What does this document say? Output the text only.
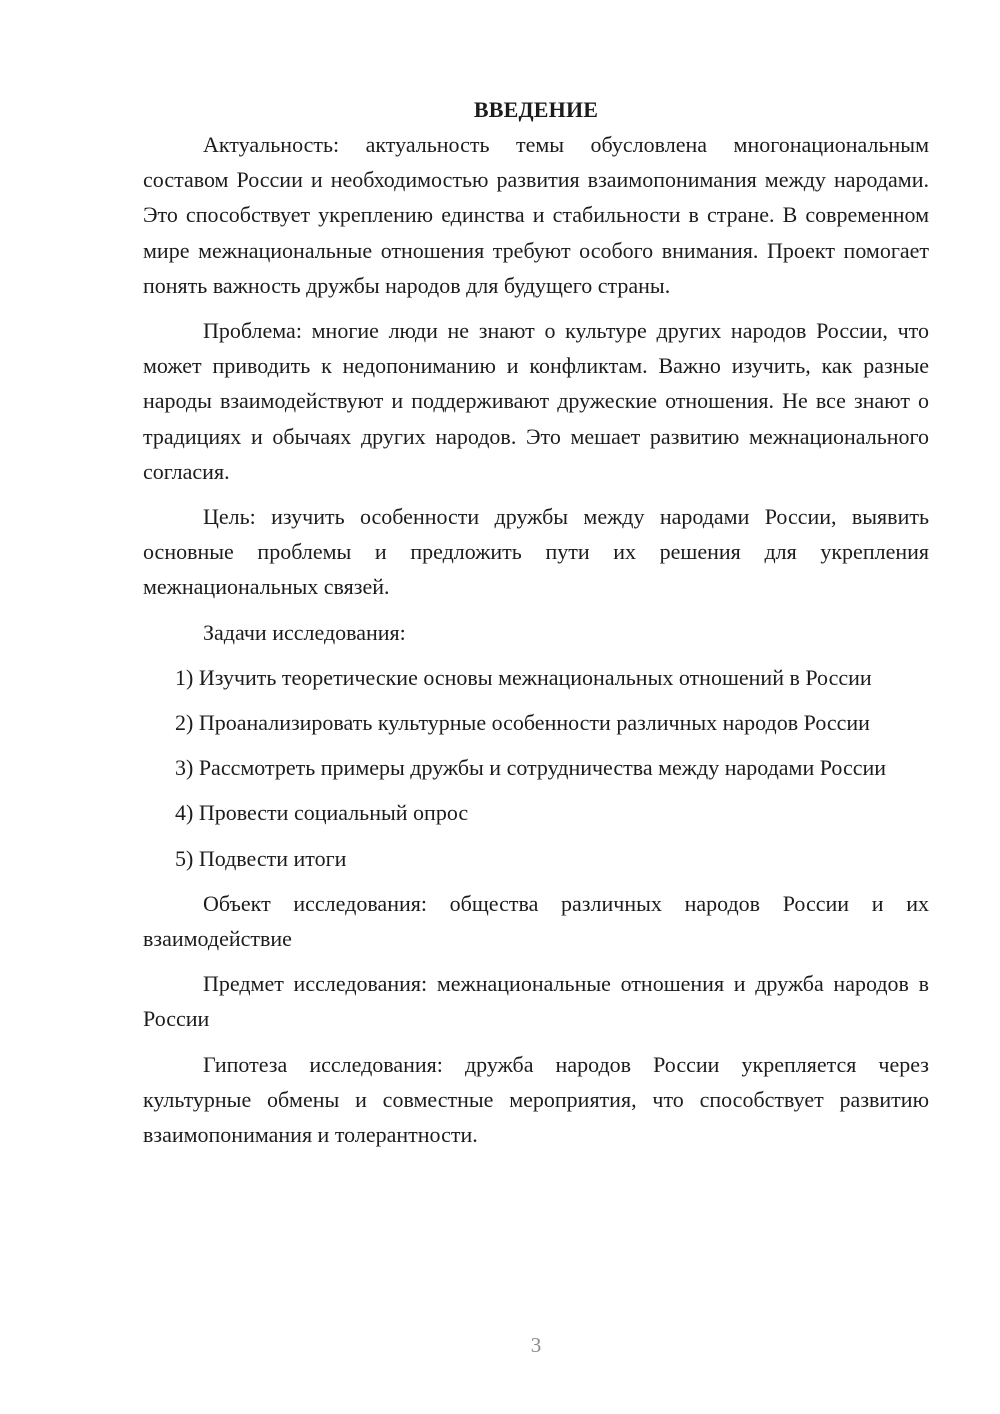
ВВЕДЕНИЕ

Актуальность: актуальность темы обусловлена многонациональным составом России и необходимостью развития взаимопонимания между народами. Это способствует укреплению единства и стабильности в стране. В современном мире межнациональные отношения требуют особого внимания. Проект помогает понять важность дружбы народов для будущего страны.

Проблема: многие люди не знают о культуре других народов России, что может приводить к недопониманию и конфликтам. Важно изучить, как разные народы взаимодействуют и поддерживают дружеские отношения. Не все знают о традициях и обычаях других народов. Это мешает развитию межнационального согласия.

Цель: изучить особенности дружбы между народами России, выявить основные проблемы и предложить пути их решения для укрепления межнациональных связей.

Задачи исследования:

1) Изучить теоретические основы межнациональных отношений в России

2) Проанализировать культурные особенности различных народов России

3) Рассмотреть примеры дружбы и сотрудничества между народами России

4) Провести социальный опрос

5) Подвести итоги

Объект исследования: общества различных народов России и их взаимодействие

Предмет исследования: межнациональные отношения и дружба народов в России

Гипотеза исследования: дружба народов России укрепляется через культурные обмены и совместные мероприятия, что способствует развитию взаимопонимания и толерантности.

3
